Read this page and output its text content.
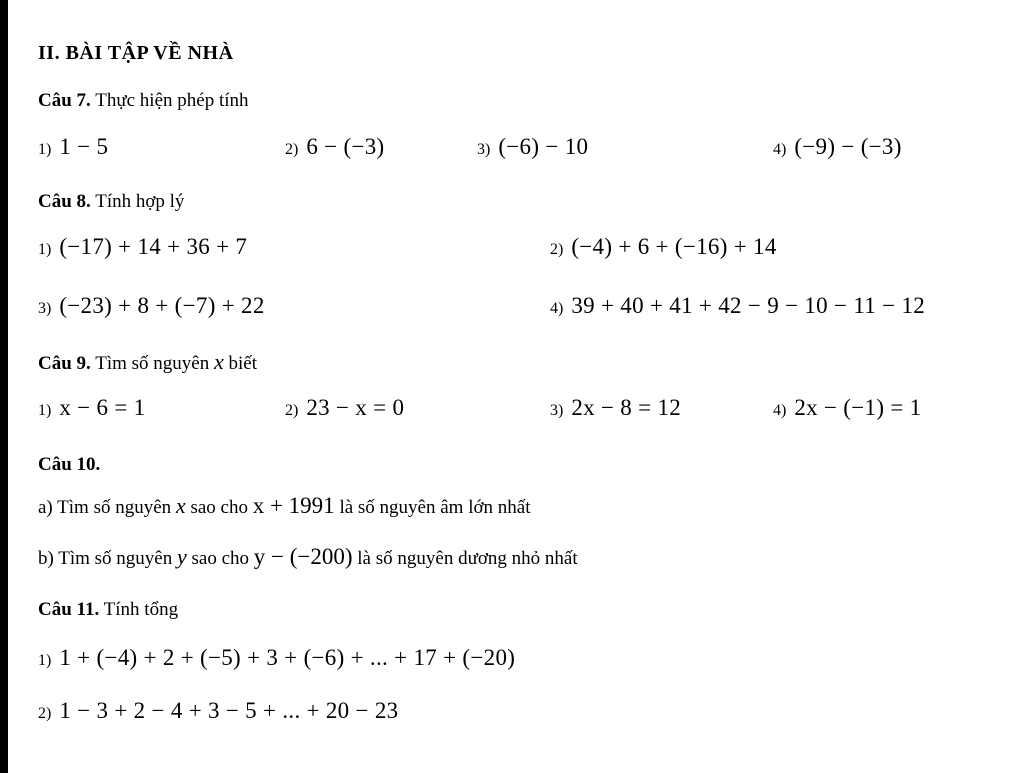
II. BÀI TẬP VỀ NHÀ
Câu 7. Thực hiện phép tính
1) 1 − 5	2) 6 − (−3)	3) (−6) − 10	4) (−9) − (−3)
Câu 8. Tính hợp lý
1) (−17) + 14 + 36 + 7	2) (−4) + 6 + (−16) + 14
3) (−23) + 8 + (−7) + 22	4) 39 + 40 + 41 + 42 − 9 − 10 − 11 − 12
Câu 9. Tìm số nguyên x biết
1) x − 6 = 1	2) 23 − x = 0	3) 2x − 8 = 12	4) 2x − (−1) = 1
Câu 10.
a) Tìm số nguyên x sao cho x + 1991 là số nguyên âm lớn nhất
b) Tìm số nguyên y sao cho y − (−200) là số nguyên dương nhỏ nhất
Câu 11. Tính tổng
1) 1 + (−4) + 2 + (−5) + 3 + (−6) + ... + 17 + (−20)
2) 1 − 3 + 2 − 4 + 3 − 5 + ... + 20 − 23
